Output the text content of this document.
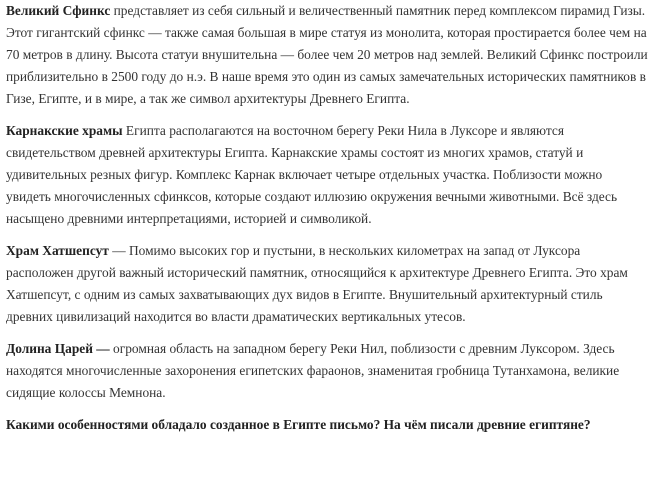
Великий Сфинкс представляет из себя сильный и величественный памятник перед комплексом пирамид Гизы. Этот гигантский сфинкс — также самая большая в мире статуя из монолита, которая простирается более чем на 70 метров в длину. Высота статуи внушительна — более чем 20 метров над землей. Великий Сфинкс построили приблизительно в 2500 году до н.э. В наше время это один из самых замечательных исторических памятников в Гизе, Египте, и в мире, а так же символ архитектуры Древнего Египта.

Карнакские храмы Египта располагаются на восточном берегу Реки Нила в Луксоре и являются свидетельством древней архитектуры Египта. Карнакские храмы состоят из многих храмов, статуй и удивительных резных фигур. Комплекс Карнак включает четыре отдельных участка. Поблизости можно увидеть многочисленных сфинксов, которые создают иллюзию окружения вечными животными. Всё здесь насыщено древними интерпретациями, историей и символикой.

Храм Хатшепсут — Помимо высоких гор и пустыни, в нескольких километрах на запад от Луксора расположен другой важный исторический памятник, относящийся к архитектуре Древнего Египта. Это храм Хатшепсут, с одним из самых захватывающих дух видов в Египте. Внушительный архитектурный стиль древних цивилизаций находится во власти драматических вертикальных утесов.

Долина Царей — огромная область на западном берегу Реки Нил, поблизости с древним Луксором. Здесь находятся многочисленные захоронения египетских фараонов, знаменитая гробница Тутанхамона, великие сидящие колоссы Мемнона.

Какими особенностями обладало созданное в Египте письмо? На чём писали древние египтяне?
